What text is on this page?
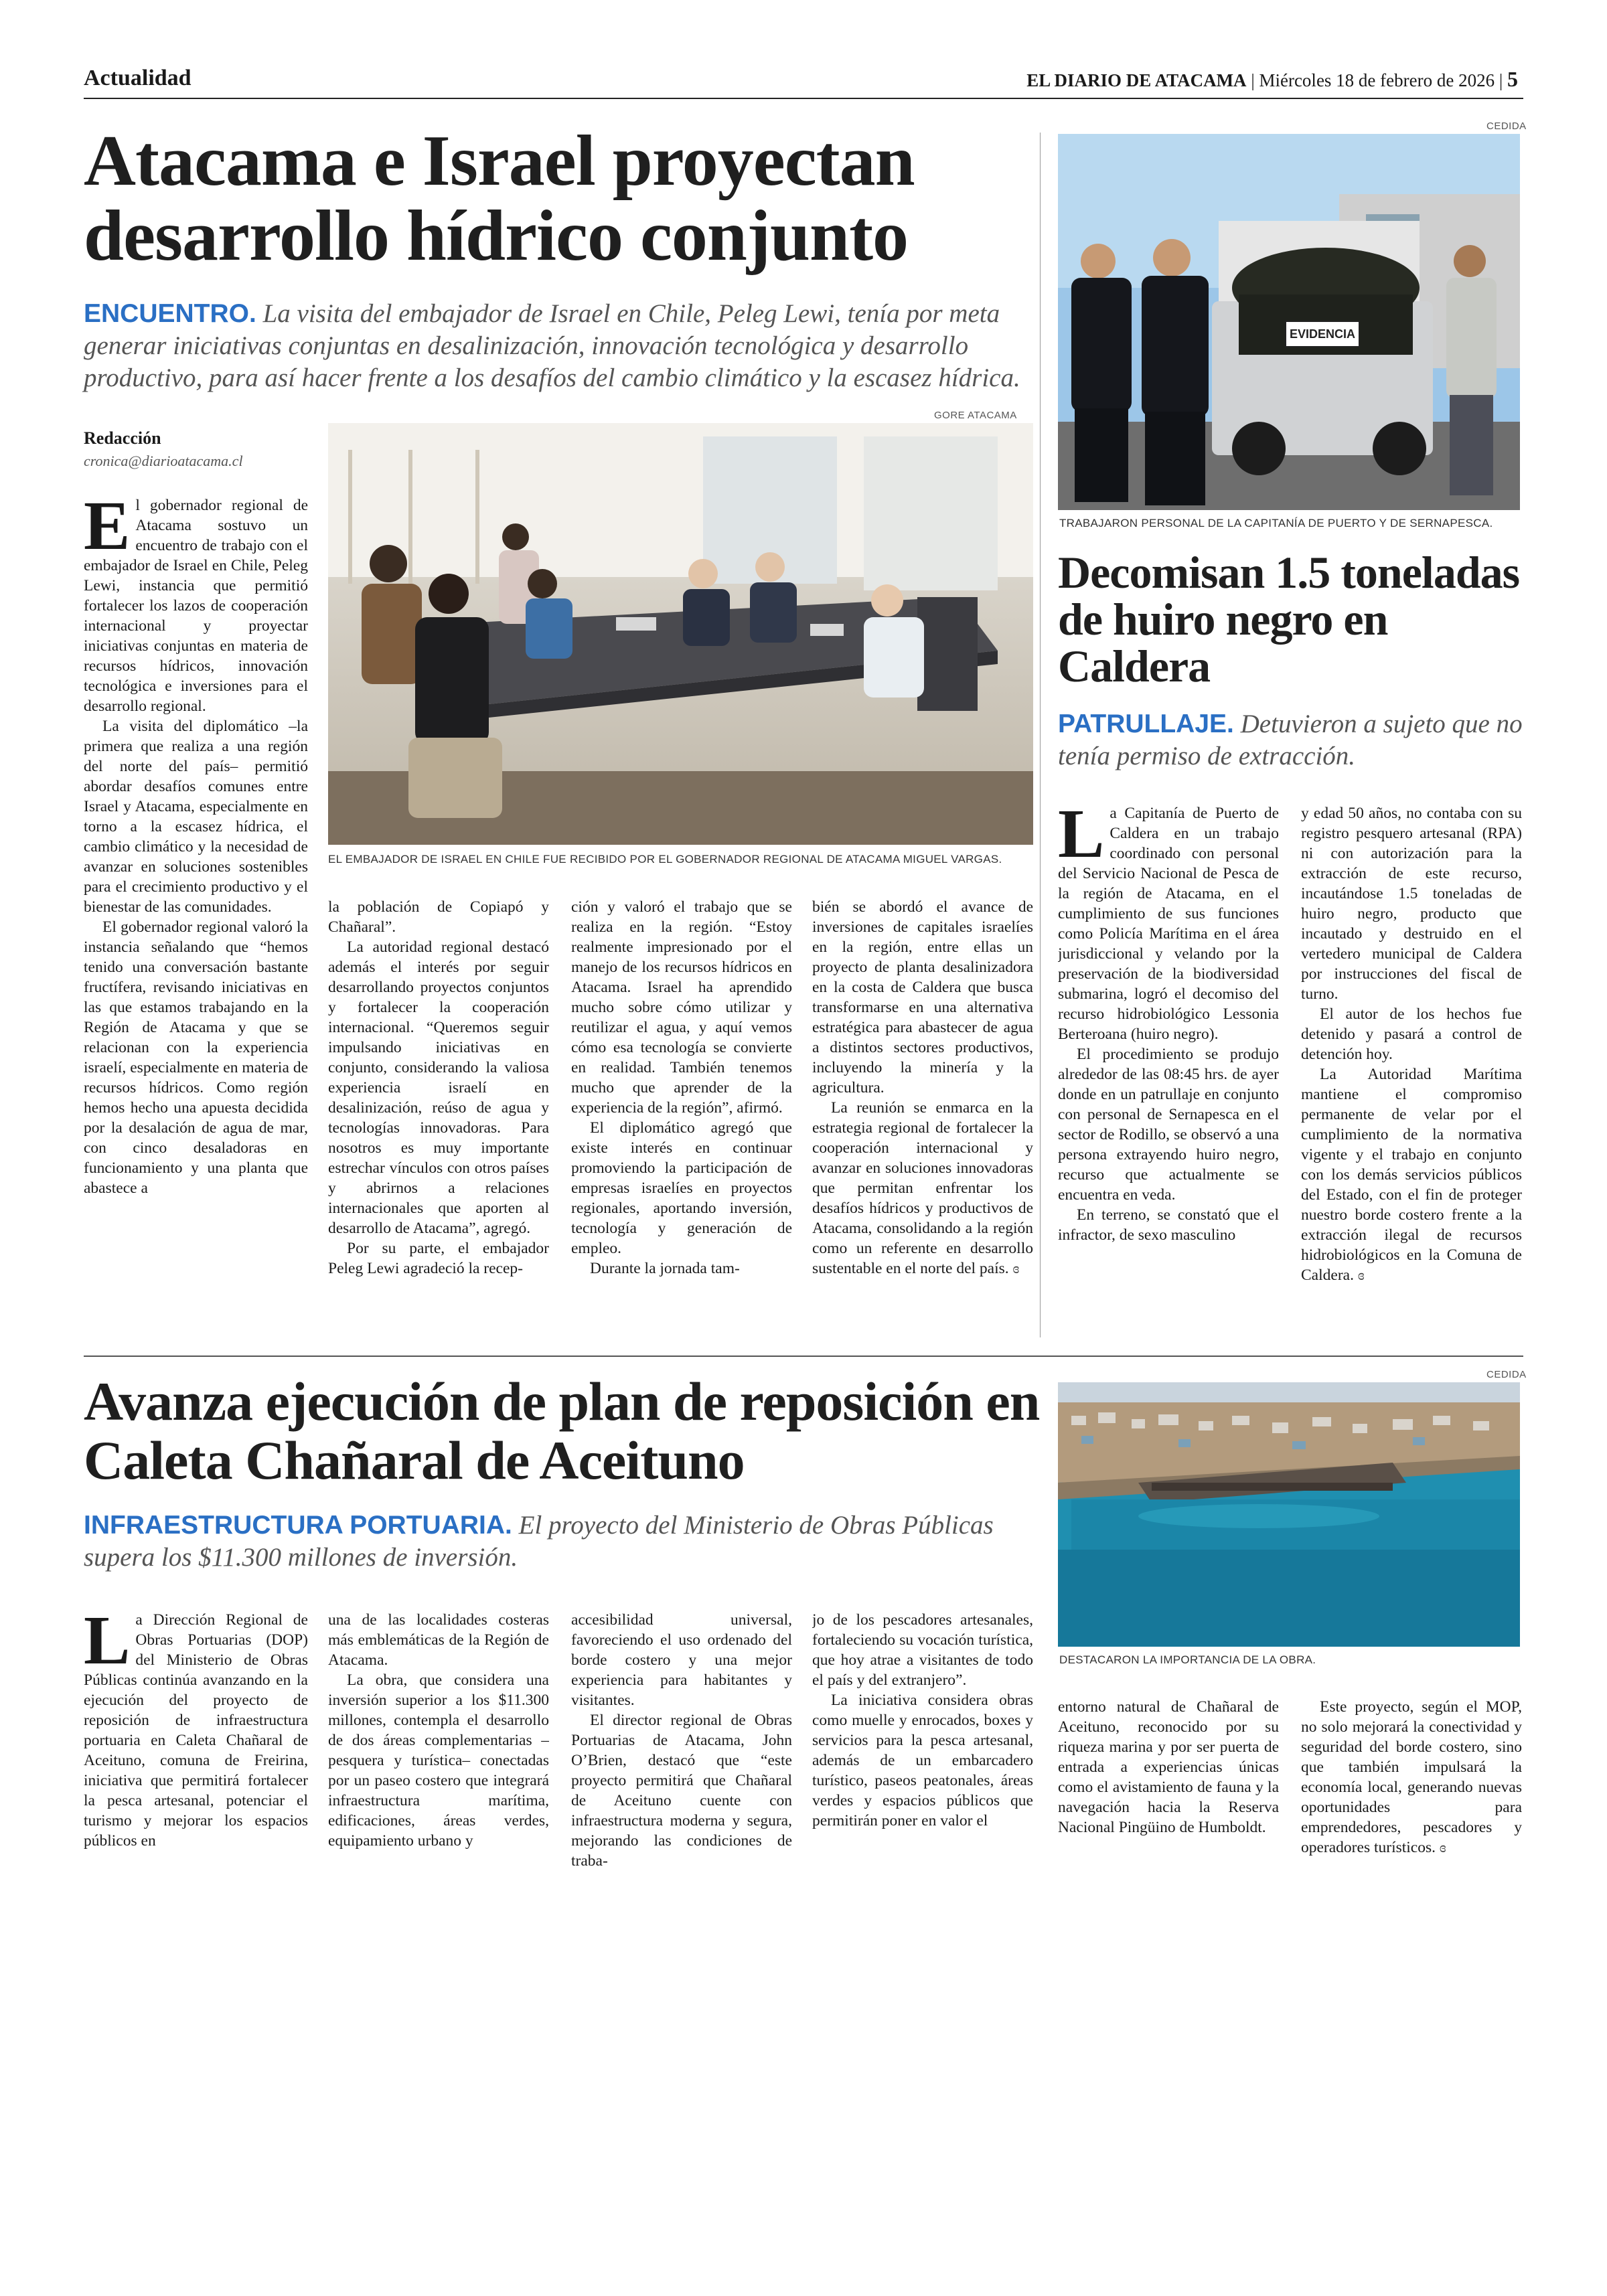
Actualidad	EL DIARIO DE ATACAMA | Miércoles 18 de febrero de 2026 | 5
Atacama e Israel proyectan desarrollo hídrico conjunto
ENCUENTRO. La visita del embajador de Israel en Chile, Peleg Lewi, tenía por meta generar iniciativas conjuntas en desalinización, innovación tecnológica y desarrollo productivo, para así hacer frente a los desafíos del cambio climático y la escasez hídrica.
Redacción
cronica@diarioatacama.cl
GORE ATACAMA
EL EMBAJADOR DE ISRAEL EN CHILE FUE RECIBIDO POR EL GOBERNADOR REGIONAL DE ATACAMA MIGUEL VARGAS.
E l gobernador regional de Atacama sostuvo un encuentro de trabajo con el embajador de Israel en Chile, Peleg Lewi, instancia que permitió fortalecer los lazos de cooperación internacional y proyectar iniciativas conjuntas en materia de recursos hídricos, innovación tecnológica e inversiones para el desarrollo regional.

La visita del diplomático –la primera que realiza a una región del norte del país– permitió abordar desafíos comunes entre Israel y Atacama, especialmente en torno a la escasez hídrica, el cambio climático y la necesidad de avanzar en soluciones sostenibles para el crecimiento productivo y el bienestar de las comunidades.

El gobernador regional valoró la instancia señalando que “hemos tenido una conversación bastante fructífera, revisando iniciativas en las que estamos trabajando en la Región de Atacama y que se relacionan con la experiencia israelí, especialmente en materia de recursos hídricos. Como región hemos hecho una apuesta decidida por la desalación de agua de mar, con cinco desaladoras en funcionamiento y una planta que abastece a

la población de Copiapó y Chañaral”.

La autoridad regional destacó además el interés por seguir desarrollando proyectos conjuntos y fortalecer la cooperación internacional. “Queremos seguir impulsando iniciativas en conjunto, considerando la valiosa experiencia israelí en desalinización, reúso de agua y tecnologías innovadoras. Para nosotros es muy importante estrechar vínculos con otros países y abrirnos a relaciones internacionales que aporten al desarrollo de Atacama”, agregó.

Por su parte, el embajador Peleg Lewi agradeció la recep-

ción y valoró el trabajo que se realiza en la región. “Estoy realmente impresionado por el manejo de los recursos hídricos en Atacama. Israel ha aprendido mucho sobre cómo utilizar y reutilizar el agua, y aquí vemos cómo esa tecnología se convierte en realidad. También tenemos mucho que aprender de la experiencia de la región”, afirmó.

El diplomático agregó que existe interés en continuar promoviendo la participación de empresas israelíes en proyectos regionales, aportando inversión, tecnología y generación de empleo.

Durante la jornada tam-

bién se abordó el avance de inversiones de capitales israelíes en la región, entre ellas un proyecto de planta desalinizadora en la costa de Caldera que busca transformarse en una alternativa estratégica para abastecer de agua a distintos sectores productivos, incluyendo la minería y la agricultura.

La reunión se enmarca en la estrategia regional de fortalecer la cooperación internacional y avanzar en soluciones innovadoras que permitan enfrentar los desafíos hídricos y productivos de Atacama, consolidando a la región como un referente en desarrollo sustentable en el norte del país. ɞ

CEDIDA
EVIDENCIA
TRABAJARON PERSONAL DE LA CAPITANÍA DE PUERTO Y DE SERNAPESCA.
Decomisan 1.5 toneladas de huiro negro en Caldera
PATRULLAJE. Detuvieron a sujeto que no tenía permiso de extracción.
L a Capitanía de Puerto de Caldera en un trabajo coordinado con personal del Servicio Nacional de Pesca de la región de Atacama, en el cumplimiento de sus funciones como Policía Marítima en el área jurisdiccional y velando por la preservación de la biodiversidad submarina, logró el decomiso del recurso hidrobiológico Lessonia Berteroana (huiro negro).

El procedimiento se produjo alrededor de las 08:45 hrs. de ayer donde en un patrullaje en conjunto con personal de Sernapesca en el sector de Rodillo, se observó a una persona extrayendo huiro negro, recurso que actualmente se encuentra en veda.

En terreno, se constató que el infractor, de sexo masculino

y edad 50 años, no contaba con su registro pesquero artesanal (RPA) ni con autorización para la extracción de este recurso, incautándose 1.5 toneladas de huiro negro, producto que incautado y destruido en el vertedero municipal de Caldera por instrucciones del fiscal de turno.

El autor de los hechos fue detenido y pasará a control de detención hoy.

La Autoridad Marítima mantiene el compromiso permanente de velar por el cumplimiento de la normativa vigente y el trabajo en conjunto con los demás servicios públicos del Estado, con el fin de proteger nuestro borde costero frente a la extracción ilegal de recursos hidrobiológicos en la Comuna de Caldera. ɞ

Avanza ejecución de plan de reposición en Caleta Chañaral de Aceituno
INFRAESTRUCTURA PORTUARIA. El proyecto del Ministerio de Obras Públicas supera los $11.300 millones de inversión.
CEDIDA
DESTACARON LA IMPORTANCIA DE LA OBRA.
L a Dirección Regional de Obras Portuarias (DOP) del Ministerio de Obras Públicas continúa avanzando en la ejecución del proyecto de reposición de infraestructura portuaria en Caleta Chañaral de Aceituno, comuna de Freirina, iniciativa que permitirá fortalecer la pesca artesanal, potenciar el turismo y mejorar los espacios públicos en

una de las localidades costeras más emblemáticas de la Región de Atacama.

La obra, que considera una inversión superior a los $11.300 millones, contempla el desarrollo de dos áreas complementarias –pesquera y turística– conectadas por un paseo costero que integrará infraestructura marítima, edificaciones, áreas verdes, equipamiento urbano y

accesibilidad universal, favoreciendo el uso ordenado del borde costero y una mejor experiencia para habitantes y visitantes.

El director regional de Obras Portuarias de Atacama, John O’Brien, destacó que “este proyecto permitirá que Chañaral de Aceituno cuente con infraestructura moderna y segura, mejorando las condiciones de traba-

jo de los pescadores artesanales, fortaleciendo su vocación turística, que hoy atrae a visitantes de todo el país y del extranjero”.

La iniciativa considera obras como muelle y enrocados, boxes y servicios para la pesca artesanal, además de un embarcadero turístico, paseos peatonales, áreas verdes y espacios públicos que permitirán poner en valor el

entorno natural de Chañaral de Aceituno, reconocido por su riqueza marina y por ser puerta de entrada a experiencias únicas como el avistamiento de fauna y la navegación hacia la Reserva Nacional Pingüino de Humboldt.

Este proyecto, según el MOP, no solo mejorará la conectividad y seguridad del borde costero, sino que también impulsará la economía local, generando nuevas oportunidades para emprendedores, pescadores y operadores turísticos. ɞ
